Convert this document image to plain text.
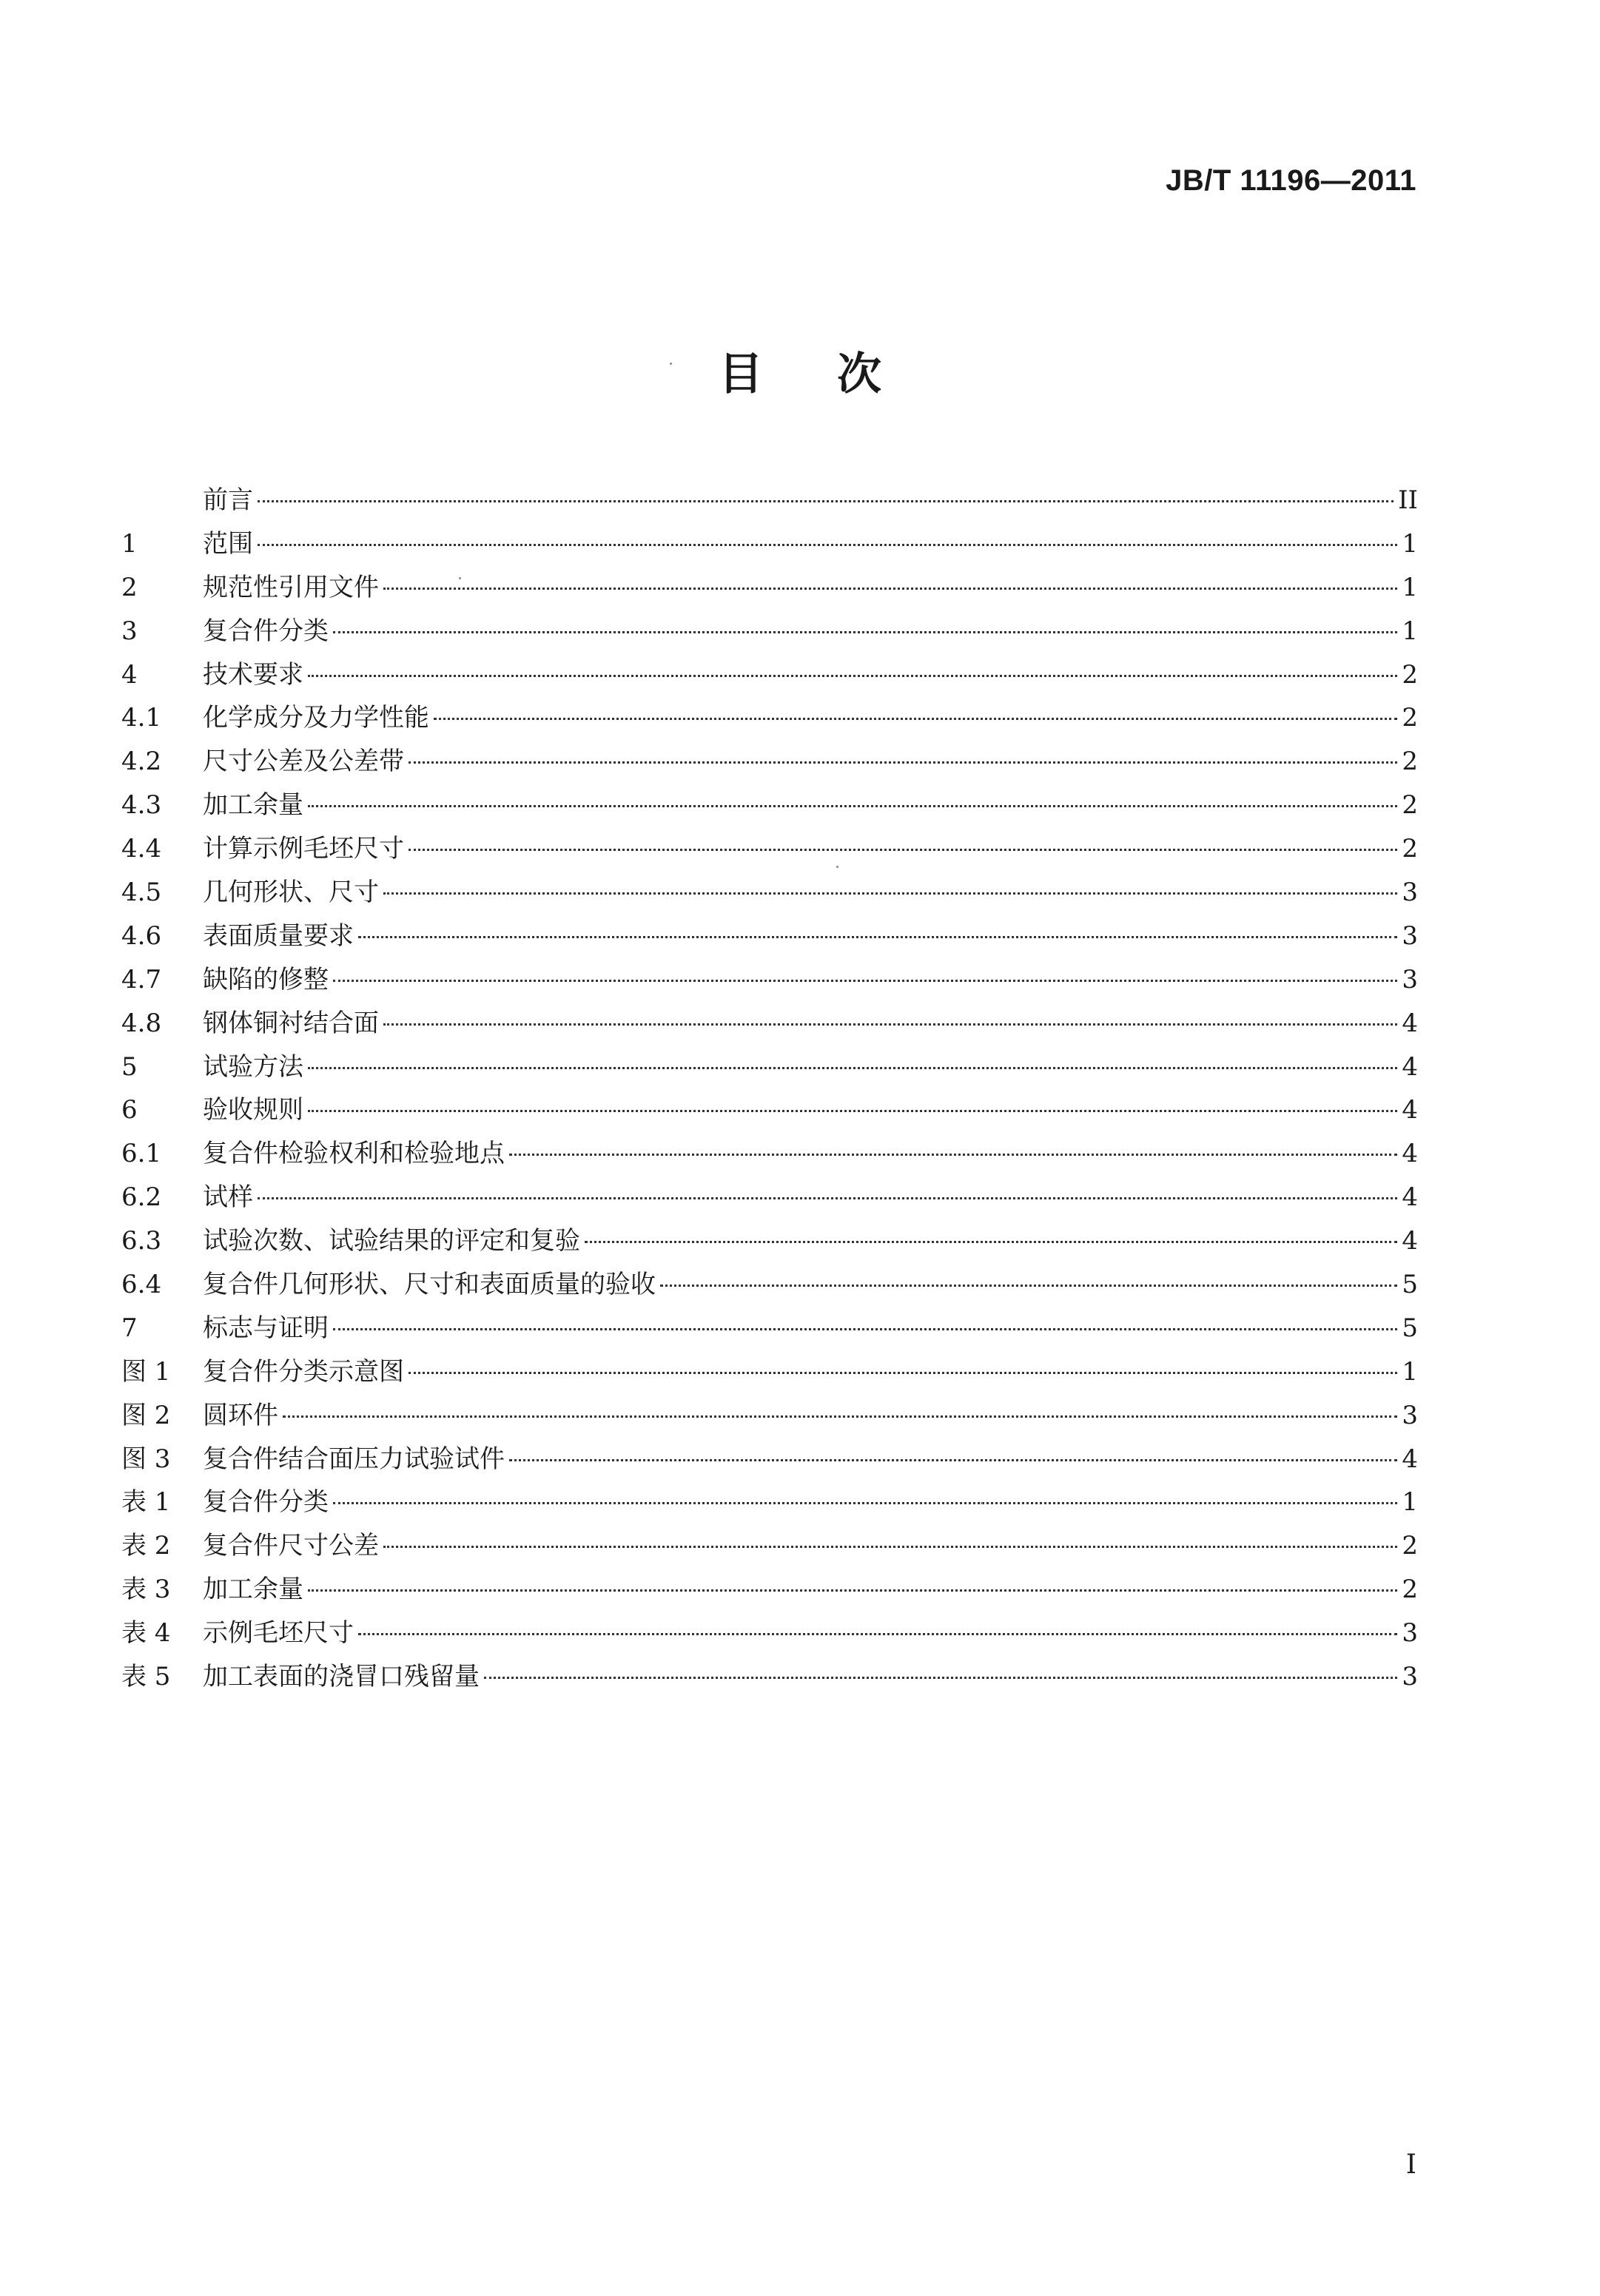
JB/T 11196—2011
目次
前言	II
1	范围	1
2	规范性引用文件	1
3	复合件分类	1
4	技术要求	2
4.1	化学成分及力学性能	2
4.2	尺寸公差及公差带	2
4.3	加工余量	2
4.4	计算示例毛坯尺寸	2
4.5	几何形状、尺寸	3
4.6	表面质量要求	3
4.7	缺陷的修整	3
4.8	钢体铜衬结合面	4
5	试验方法	4
6	验收规则	4
6.1	复合件检验权利和检验地点	4
6.2	试样	4
6.3	试验次数、试验结果的评定和复验	4
6.4	复合件几何形状、尺寸和表面质量的验收	5
7	标志与证明	5
图 1	复合件分类示意图	1
图 2	圆环件	3
图 3	复合件结合面压力试验试件	4
表 1	复合件分类	1
表 2	复合件尺寸公差	2
表 3	加工余量	2
表 4	示例毛坯尺寸	3
表 5	加工表面的浇冒口残留量	3
I
